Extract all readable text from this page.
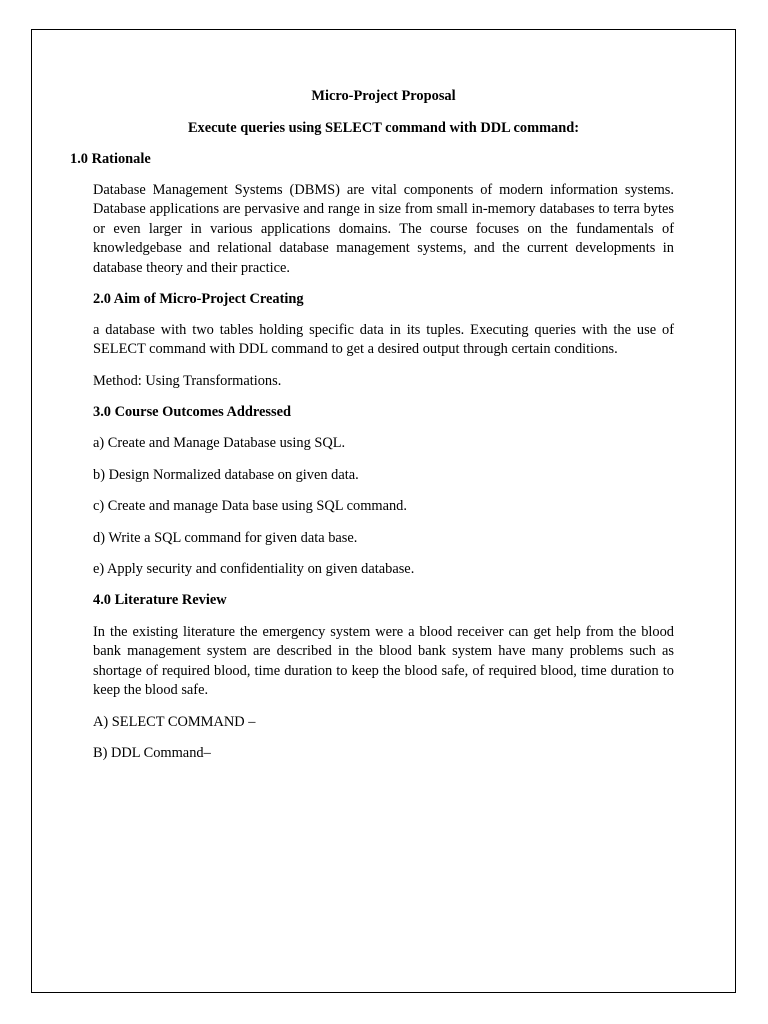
Micro-Project Proposal

Execute queries using SELECT command with DDL command:

1.0 Rationale

Database Management Systems (DBMS) are vital components of modern information systems. Database applications are pervasive and range in size from small in-memory databases to terra bytes or even larger in various applications domains. The course focuses on the fundamentals of knowledgebase and relational database management systems, and the current developments in database theory and their practice.

2.0 Aim of Micro-Project Creating

a database with two tables holding specific data in its tuples. Executing queries with the use of SELECT command with DDL command to get a desired output through certain conditions.

Method: Using Transformations.

3.0 Course Outcomes Addressed

a) Create and Manage Database using SQL.

b) Design Normalized database on given data.

c) Create and manage Data base using SQL command.

d) Write a SQL command for given data base.

e) Apply security and confidentiality on given database.

4.0 Literature Review

In the existing literature the emergency system were a blood receiver can get help from the blood bank management system are described in the blood bank system have many problems such as shortage of required blood, time duration to keep the blood safe, of required blood, time duration to keep the blood safe.

A) SELECT COMMAND –

B) DDL Command–
